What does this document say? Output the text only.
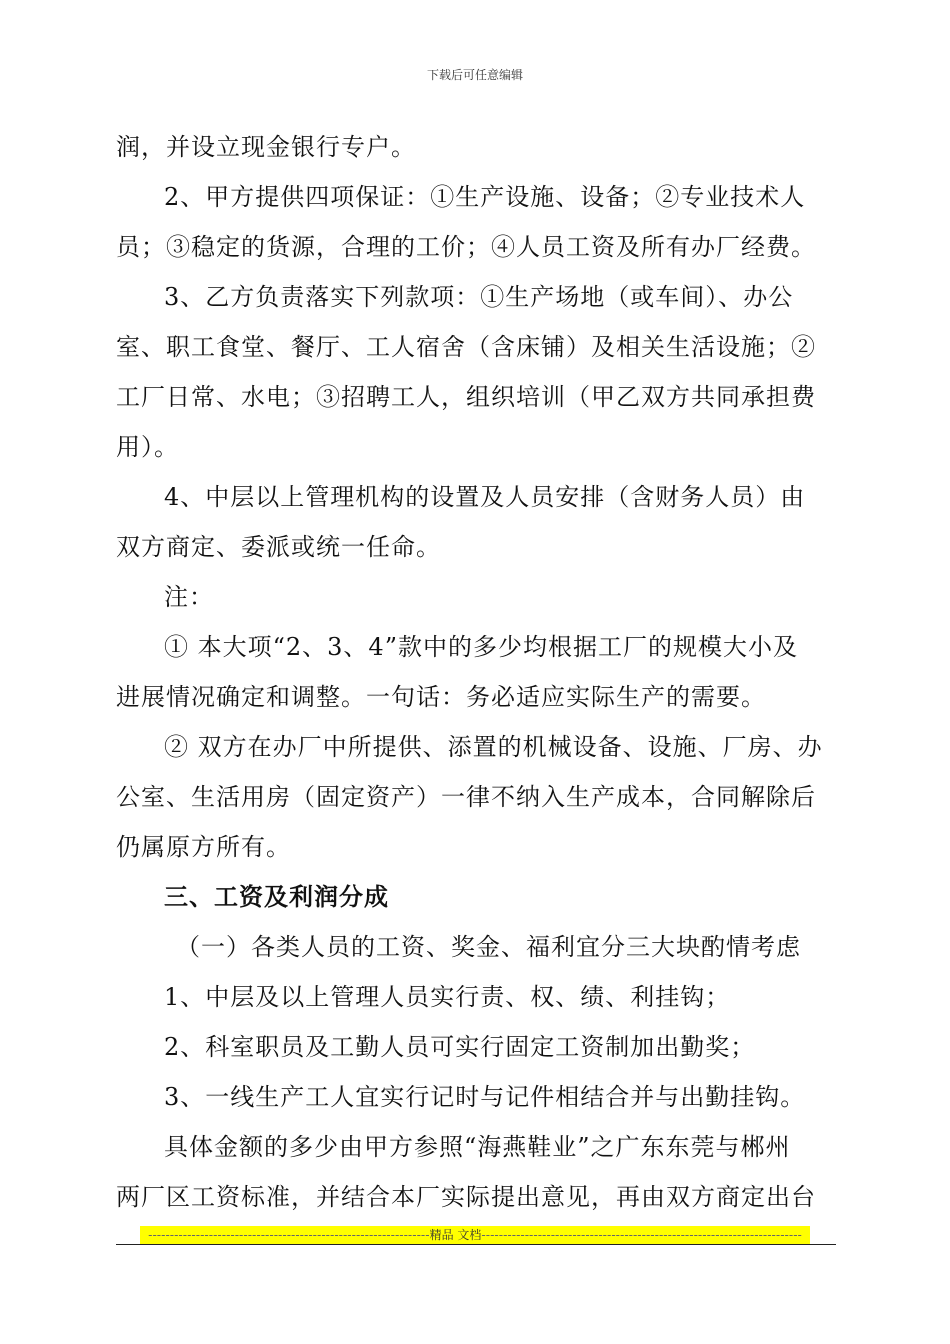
下载后可任意编辑
润，并设立现金银行专户。
2、甲方提供四项保证：①生产设施、设备；②专业技术人
员；③稳定的货源，合理的工价；④人员工资及所有办厂经费。
3、乙方负责落实下列款项：①生产场地（或车间）、办公
室、职工食堂、餐厅、工人宿舍（含床铺）及相关生活设施；②
工厂日常、水电；③招聘工人，组织培训（甲乙双方共同承担费
用）。
4、中层以上管理机构的设置及人员安排（含财务人员）由
双方商定、委派或统一任命。
注：
① 本大项“2、3、4”款中的多少均根据工厂的规模大小及
进展情况确定和调整。一句话：务必适应实际生产的需要。
② 双方在办厂中所提供、添置的机械设备、设施、厂房、办
公室、生活用房（固定资产）一律不纳入生产成本，合同解除后
仍属原方所有。
三、工资及利润分成
（一）各类人员的工资、奖金、福利宜分三大块酌情考虑
1、中层及以上管理人员实行责、权、绩、利挂钩；
2、科室职员及工勤人员可实行固定工资制加出勤奖；
3、一线生产工人宜实行记时与记件相结合并与出勤挂钩。
具体金额的多少由甲方参照“海燕鞋业”之广东东莞与郴州
两厂区工资标准，并结合本厂实际提出意见，再由双方商定出台
-----------------------------------------------------------------精品 文档--------------------------------------------------------------------------
